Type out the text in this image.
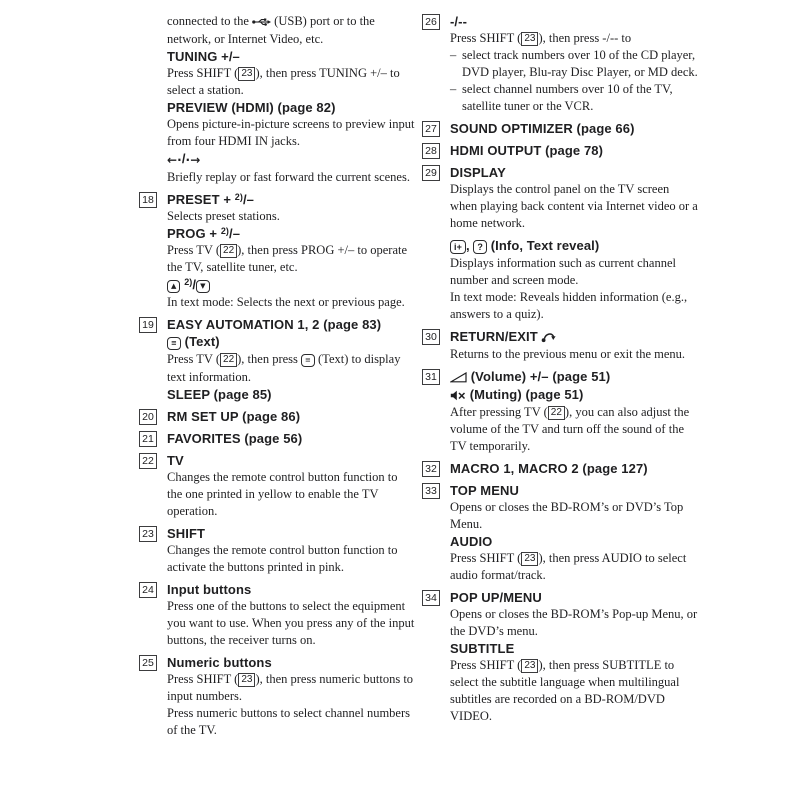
connected to the  (USB) port or to the network, or Internet Video, etc.
TUNING +/–
Press SHIFT ( 23 ), then press TUNING +/– to select a station.
PREVIEW (HDMI) (page 82)
Opens picture-in-picture screens to preview input from four HDMI IN jacks.
←·/·→
Briefly replay or fast forward the current scenes.
18 PRESET + $^{2)}$/–
Selects preset stations.
PROG + $^{2)}$/–
Press TV ( 22 ), then press PROG +/– to operate the TV, satellite tuner, etc.
▲ $^{2)}$/ ▼
In text mode: Selects the next or previous page.
19 EASY AUTOMATION 1, 2 (page 83)
≡ (Text)
Press TV ( 22 ), then press ≡ (Text) to display text information.
SLEEP (page 85)
20 RM SET UP (page 86)
21 FAVORITES (page 56)
22 TV
Changes the remote control button function to the one printed in yellow to enable the TV operation.
23 SHIFT
Changes the remote control button function to activate the buttons printed in pink.
24 Input buttons
Press one of the buttons to select the equipment you want to use. When you press any of the input buttons, the receiver turns on.
25 Numeric buttons
Press SHIFT ( 23 ), then press numeric buttons to input numbers.
Press numeric buttons to select channel numbers of the TV.
26 -/--
Press SHIFT ( 23 ), then press -/-- to
– select track numbers over 10 of the CD player, DVD player, Blu-ray Disc Player, or MD deck.
– select channel numbers over 10 of the TV, satellite tuner or the VCR.
27 SOUND OPTIMIZER (page 66)
28 HDMI OUTPUT (page 78)
29 DISPLAY
Displays the control panel on the TV screen when playing back content via Internet video or a home network.
i+ , ? (Info, Text reveal)
Displays information such as current channel number and screen mode.
In text mode: Reveals hidden information (e.g., answers to a quiz).
30 RETURN/EXIT
Returns to the previous menu or exit the menu.
31	(Volume) +/– (page 51)
(Muting) (page 51)
After pressing TV ( 22 ), you can also adjust the volume of the TV and turn off the sound of the TV temporarily.
32 MACRO 1, MACRO 2 (page 127)
33 TOP MENU
Opens or closes the BD-ROM’s or DVD’s Top Menu.
AUDIO
Press SHIFT ( 23 ), then press AUDIO to select audio format/track.
34 POP UP/MENU
Opens or closes the BD-ROM’s Pop-up Menu, or the DVD’s menu.
SUBTITLE
Press SHIFT ( 23 ), then press SUBTITLE to select the subtitle language when multilingual subtitles are recorded on a BD-ROM/DVD VIDEO.
